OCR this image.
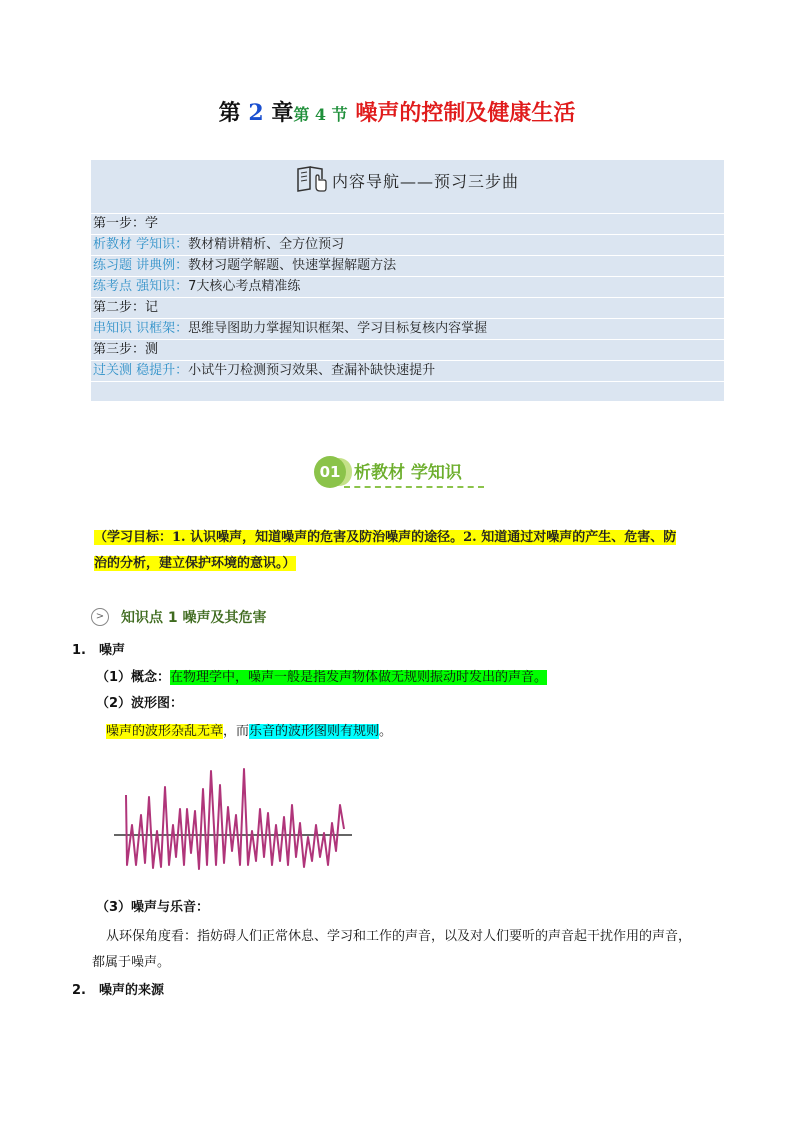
第 2 章第 4 节 噪声的控制及健康生活
内容导航——预习三步曲
第一步：学
析教材 学知识：教材精讲精析、全方位预习
练习题 讲典例：教材习题学解题、快速掌握解题方法
练考点 强知识：7大核心考点精准练
第二步：记
串知识 识框架：思维导图助力掌握知识框架、学习目标复核内容掌握
第三步：测
过关测 稳提升：小试牛刀检测预习效果、查漏补缺快速提升
01 析教材 学知识
（学习目标：1. 认识噪声，知道噪声的危害及防治噪声的途径。2. 知道通过对噪声的产生、危害、防
治的分析，建立保护环境的意识。）
>	知识点 1 噪声及其危害
1. 噪声
（1）概念：在物理学中，噪声一般是指发声物体做无规则振动时发出的声音。
（2）波形图：
噪声的波形杂乱无章，而乐音的波形图则有规则。
（3）噪声与乐音：
从环保角度看：指妨碍人们正常休息、学习和工作的声音，以及对人们要听的声音起干扰作用的声音，
都属于噪声。
2. 噪声的来源
